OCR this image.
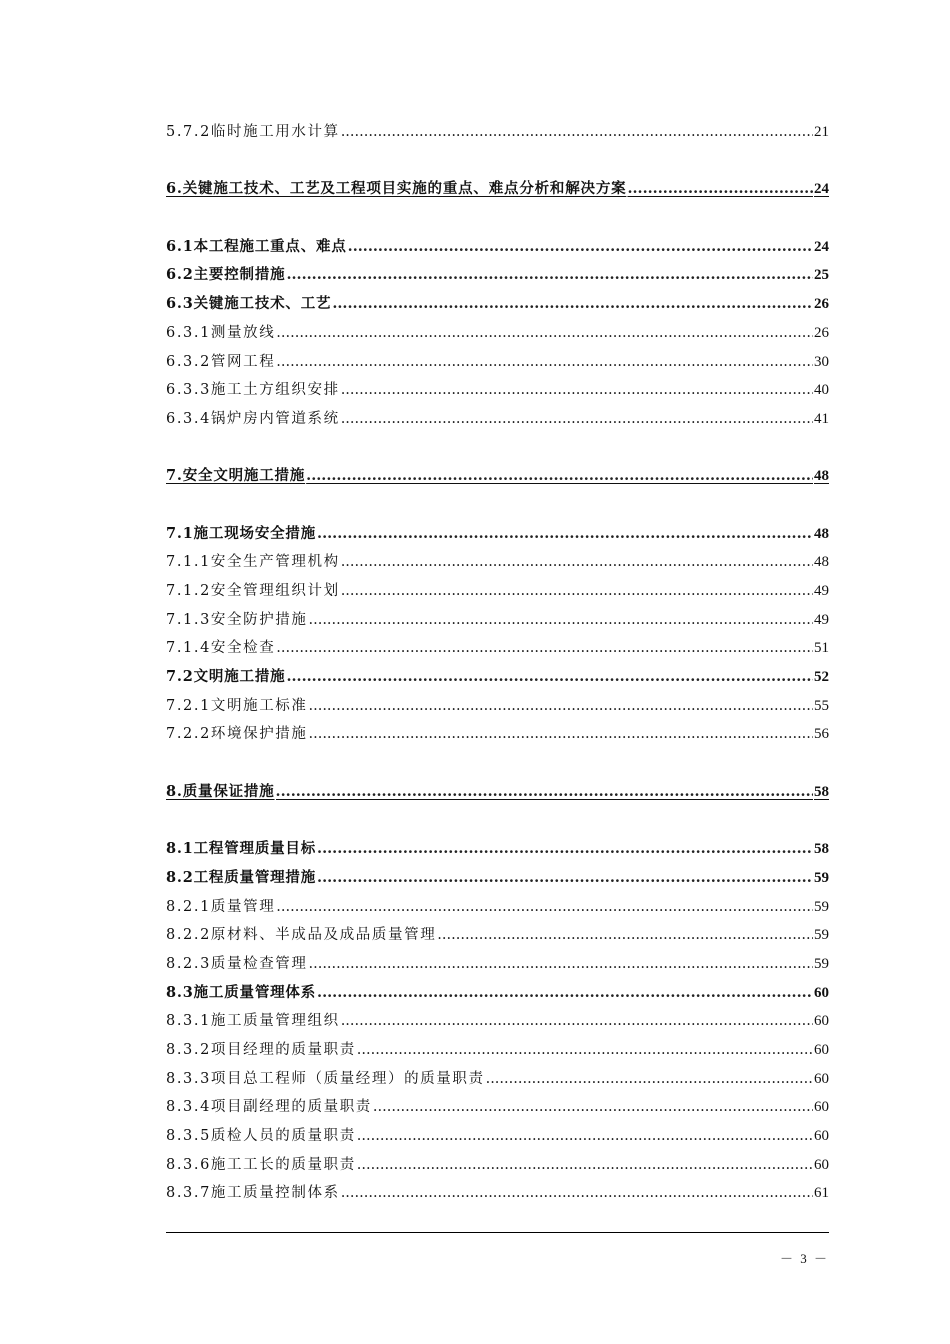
5.7.2临时施工用水计算 .....	21
6.关键施工技术、工艺及工程项目实施的重点、难点分析和解决方案 .....	24
6.1本工程施工重点、难点 .....	24
6.2主要控制措施 .....	25
6.3关键施工技术、工艺 .....	26
6.3.1测量放线 .....	26
6.3.2管网工程 .....	30
6.3.3施工土方组织安排 .....	40
6.3.4锅炉房内管道系统 .....	41
7.安全文明施工措施 .....	48
7.1施工现场安全措施 .....	48
7.1.1安全生产管理机构 .....	48
7.1.2安全管理组织计划 .....	49
7.1.3安全防护措施 .....	49
7.1.4安全检查 .....	51
7.2文明施工措施 .....	52
7.2.1文明施工标准 .....	55
7.2.2环境保护措施 .....	56
8.质量保证措施 .....	58
8.1工程管理质量目标 .....	58
8.2工程质量管理措施 .....	59
8.2.1质量管理 .....	59
8.2.2原材料、半成品及成品质量管理 .....	59
8.2.3质量检查管理 .....	59
8.3施工质量管理体系 .....	60
8.3.1施工质量管理组织 .....	60
8.3.2项目经理的质量职责 .....	60
8.3.3项目总工程师（质量经理）的质量职责 .....	60
8.3.4项目副经理的质量职责 .....	60
8.3.5质检人员的质量职责 .....	60
8.3.6施工工长的质量职责 .....	60
8.3.7施工质量控制体系 .....	61
－ 3 －
